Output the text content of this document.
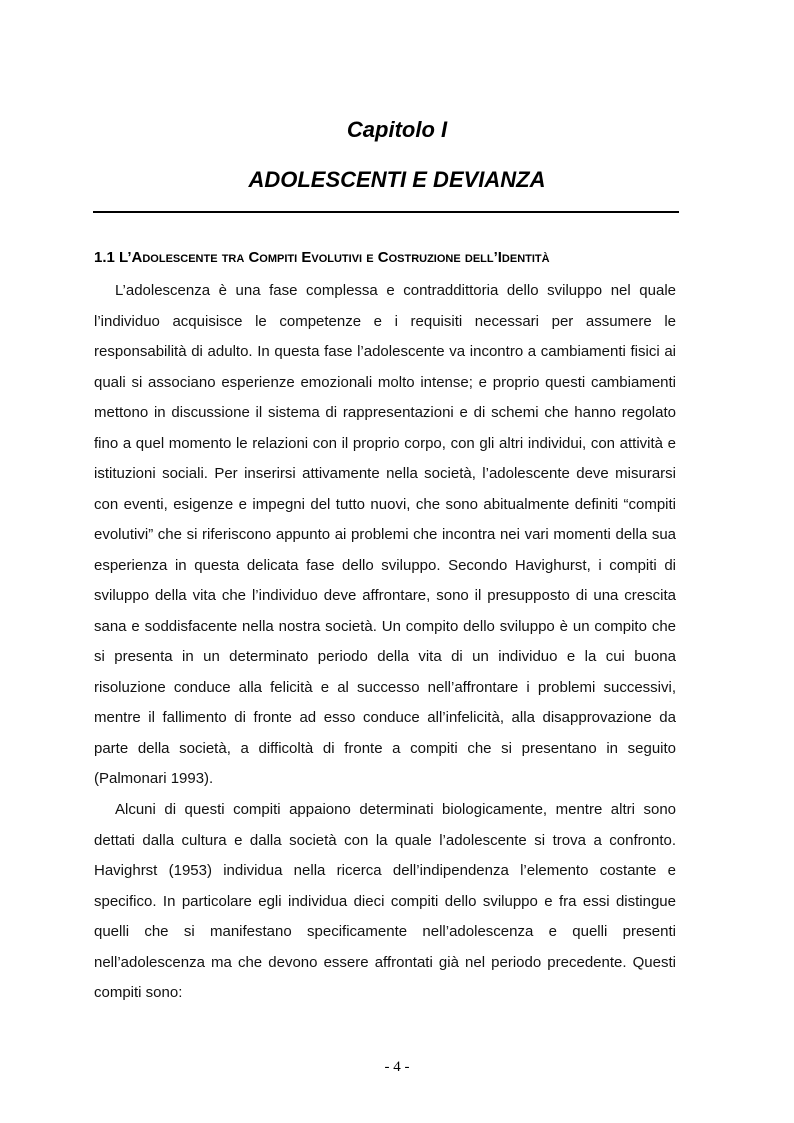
Capitolo I
ADOLESCENTI E DEVIANZA
1.1 L’Adolescente tra Compiti Evolutivi e Costruzione dell’Identità

L’adolescenza è una fase complessa e contraddittoria dello sviluppo nel quale l’individuo acquisisce le competenze e i requisiti necessari per assumere le responsabilità di adulto. In questa fase l’adolescente va incontro a cambiamenti fisici ai quali si associano esperienze emozionali molto intense; e proprio questi cambiamenti mettono in discussione il sistema di rappresentazioni e di schemi che hanno regolato fino a quel momento le relazioni con il proprio corpo, con gli altri individui, con attività e istituzioni sociali. Per inserirsi attivamente nella società, l’adolescente deve misurarsi con eventi, esigenze e impegni del tutto nuovi, che sono abitualmente definiti “compiti evolutivi” che si riferiscono appunto ai problemi che incontra nei vari momenti della sua esperienza in questa delicata fase dello sviluppo. Secondo Havighurst, i compiti di sviluppo della vita che l’individuo deve affrontare, sono il presupposto di una crescita sana e soddisfacente nella nostra società. Un compito dello sviluppo è un compito che si presenta in un determinato periodo della vita di un individuo e la cui buona risoluzione conduce alla felicità e al successo nell’affrontare i problemi successivi, mentre il fallimento di fronte ad esso conduce all’infelicità, alla disapprovazione da parte della società, a difficoltà di fronte a compiti che si presentano in seguito (Palmonari 1993).

Alcuni di questi compiti appaiono determinati biologicamente, mentre altri sono dettati dalla cultura e dalla società con la quale l’adolescente si trova a confronto. Havighrst (1953) individua nella ricerca dell’indipendenza l’elemento costante e specifico. In particolare egli individua dieci compiti dello sviluppo e fra essi distingue quelli che si manifestano specificamente nell’adolescenza e quelli presenti nell’adolescenza ma che devono essere affrontati già nel periodo precedente. Questi compiti sono:

- 4 -
